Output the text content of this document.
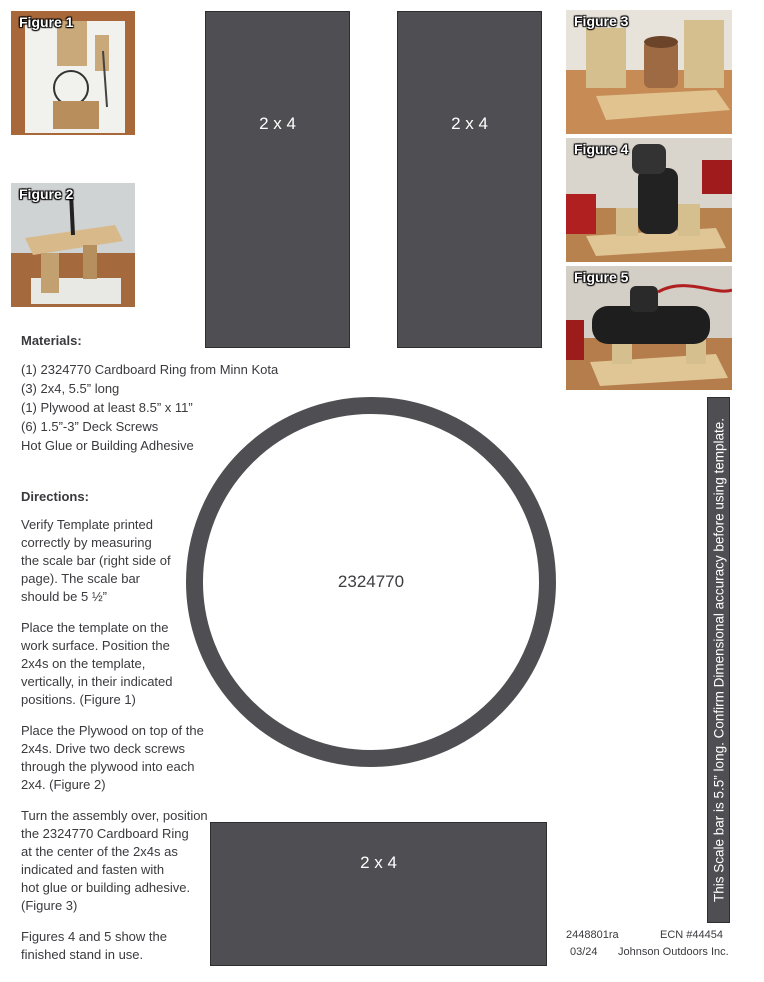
Figure 1
Figure 2
Figure 3
Figure 4
Figure 5
2 x 4	2 x 4
2 x 4
2324770

Materials:

(1) 2324770 Cardboard Ring from Minn Kota

(3) 2x4, 5.5” long

(1) Plywood at least 8.5” x 11”

(6) 1.5”-3” Deck Screws

Hot Glue or Building Adhesive

Directions:

Verify Template printed
correctly by measuring
the scale bar (right side of
page). The scale bar
should be 5 ½”

Place the template on the
work surface. Position the
2x4s on the template,
vertically, in their indicated
positions. (Figure 1)

Place the Plywood on top of the
2x4s. Drive two deck screws
through the plywood into each
2x4. (Figure 2)

Turn the assembly over, position
the 2324770 Cardboard Ring
at the center of the 2x4s as
indicated and fasten with
hot glue or building adhesive.
(Figure 3)

Figures 4 and 5 show the
finished stand in use.

This Scale bar is 5.5” long. Confirm Dimensional accuracy before using template.
2448801ra	ECN #44454
03/24 Johnson Outdoors Inc.
